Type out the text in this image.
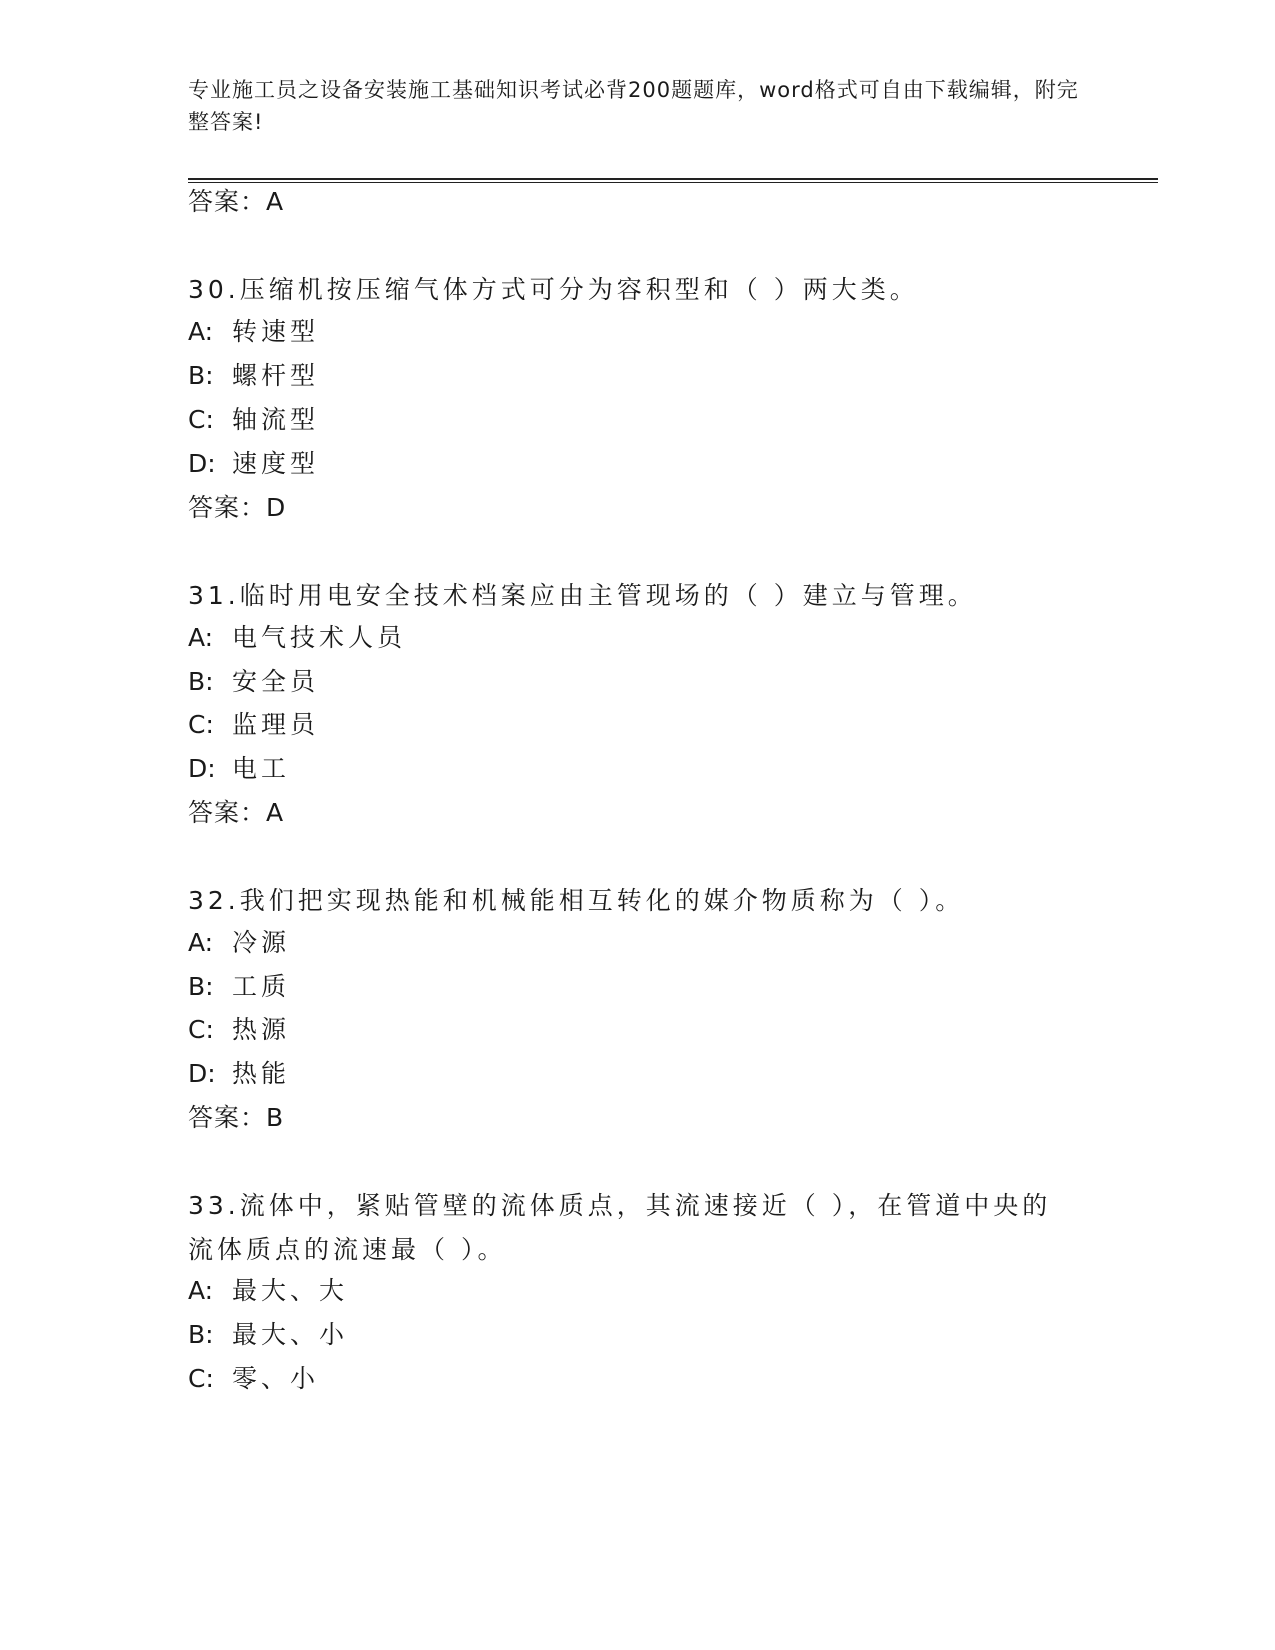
专业施工员之设备安装施工基础知识考试必背200题题库，word格式可自由下载编辑，附完整答案!
答案：A
30.压缩机按压缩气体方式可分为容积型和（ ）两大类。
A: 转速型
B: 螺杆型
C: 轴流型
D: 速度型
答案：D
31.临时用电安全技术档案应由主管现场的（ ）建立与管理。
A: 电气技术人员
B: 安全员
C: 监理员
D: 电工
答案：A
32.我们把实现热能和机械能相互转化的媒介物质称为（ ）。
A: 冷源
B: 工质
C: 热源
D: 热能
答案：B
33.流体中，紧贴管壁的流体质点，其流速接近（ ），在管道中央的
流体质点的流速最（ ）。
A: 最大、大
B: 最大、小
C: 零、小
